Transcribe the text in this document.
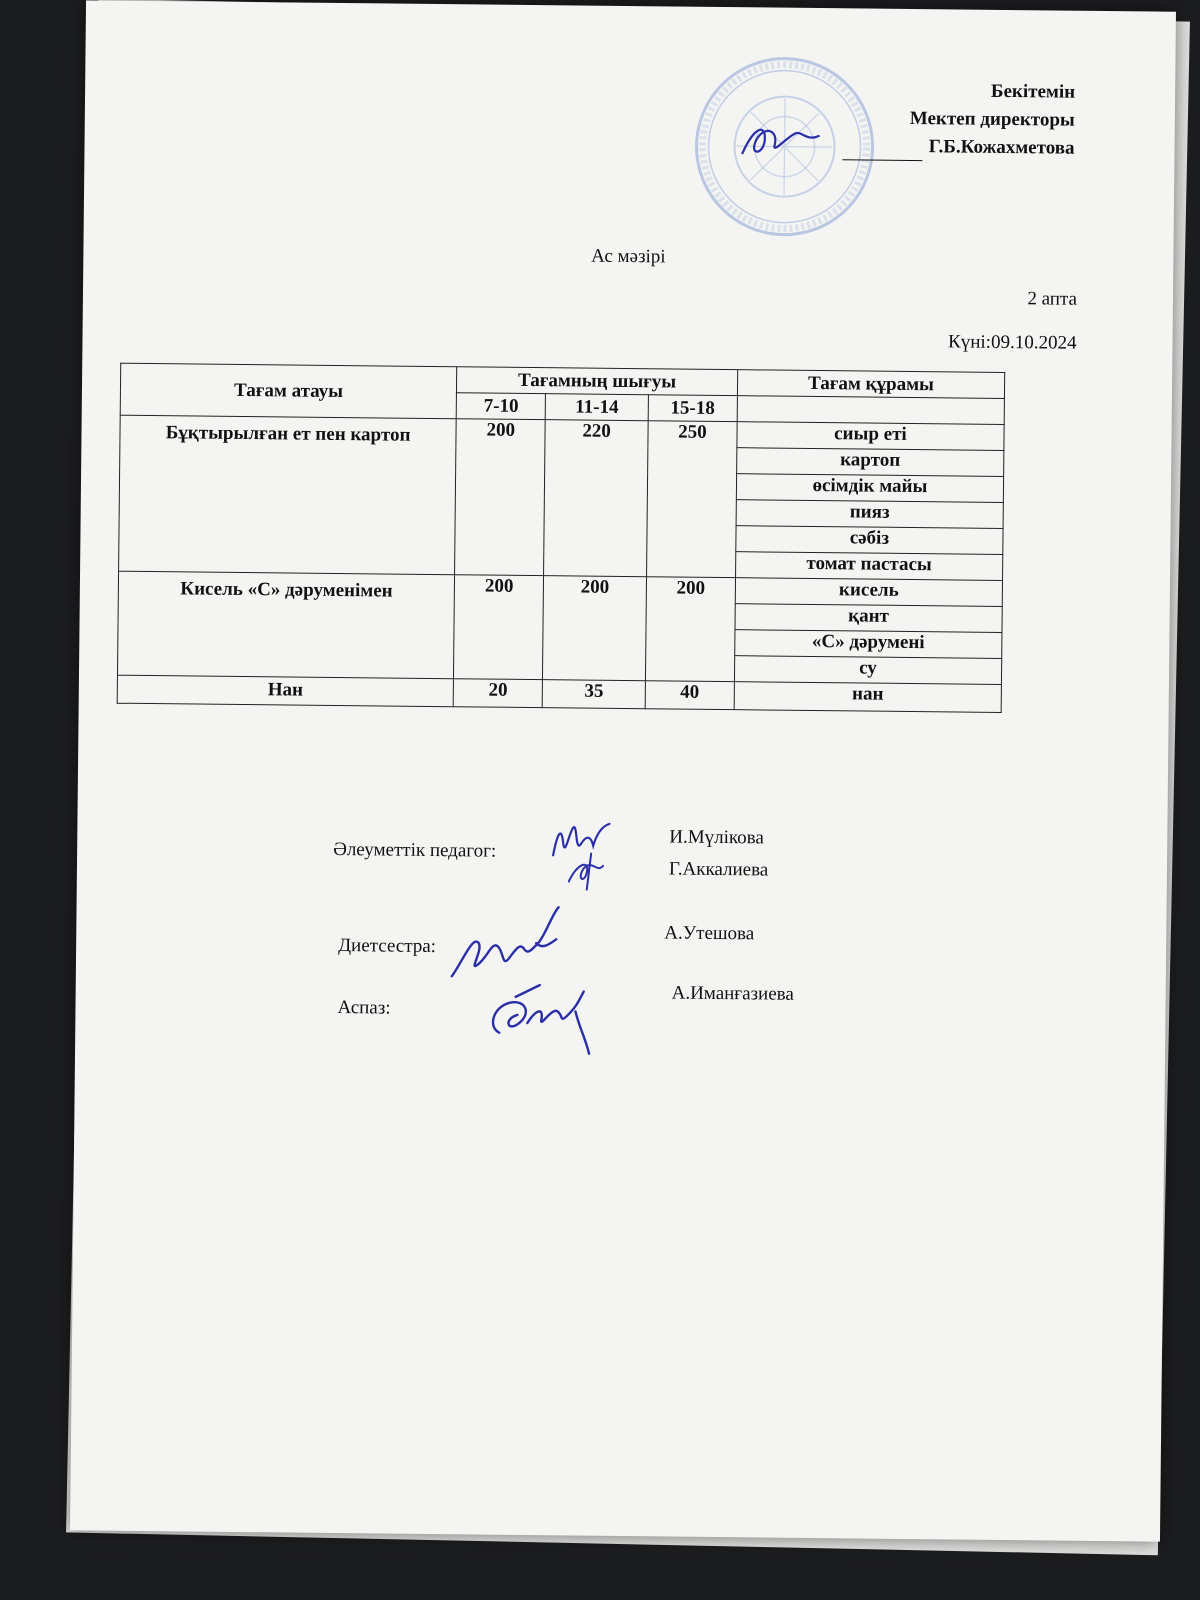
Бекітемін
Мектеп директоры
Г.Б.Кожахметова
Ас мәзірі
2 апта
Күні:09.10.2024
Тағам атауы	Тағамның шығуы			Тағам құрамы
	7-10	11-14	15-18	
Бұқтырылған ет пен картоп	200	220	250	сиыр еті
				картоп
				өсімдік майы
				пияз
				сәбіз
				томат пастасы
Кисель «С» дәруменімен	200	200	200	кисель
				қант
				«С» дәрумені
				су
Нан	20	35	40	нан
Әлеуметтік педагог:
И.Мүлікова
Г.Аккалиева
Диетсестра:
А.Утешова
Аспаз:
А.Иманғазиева
